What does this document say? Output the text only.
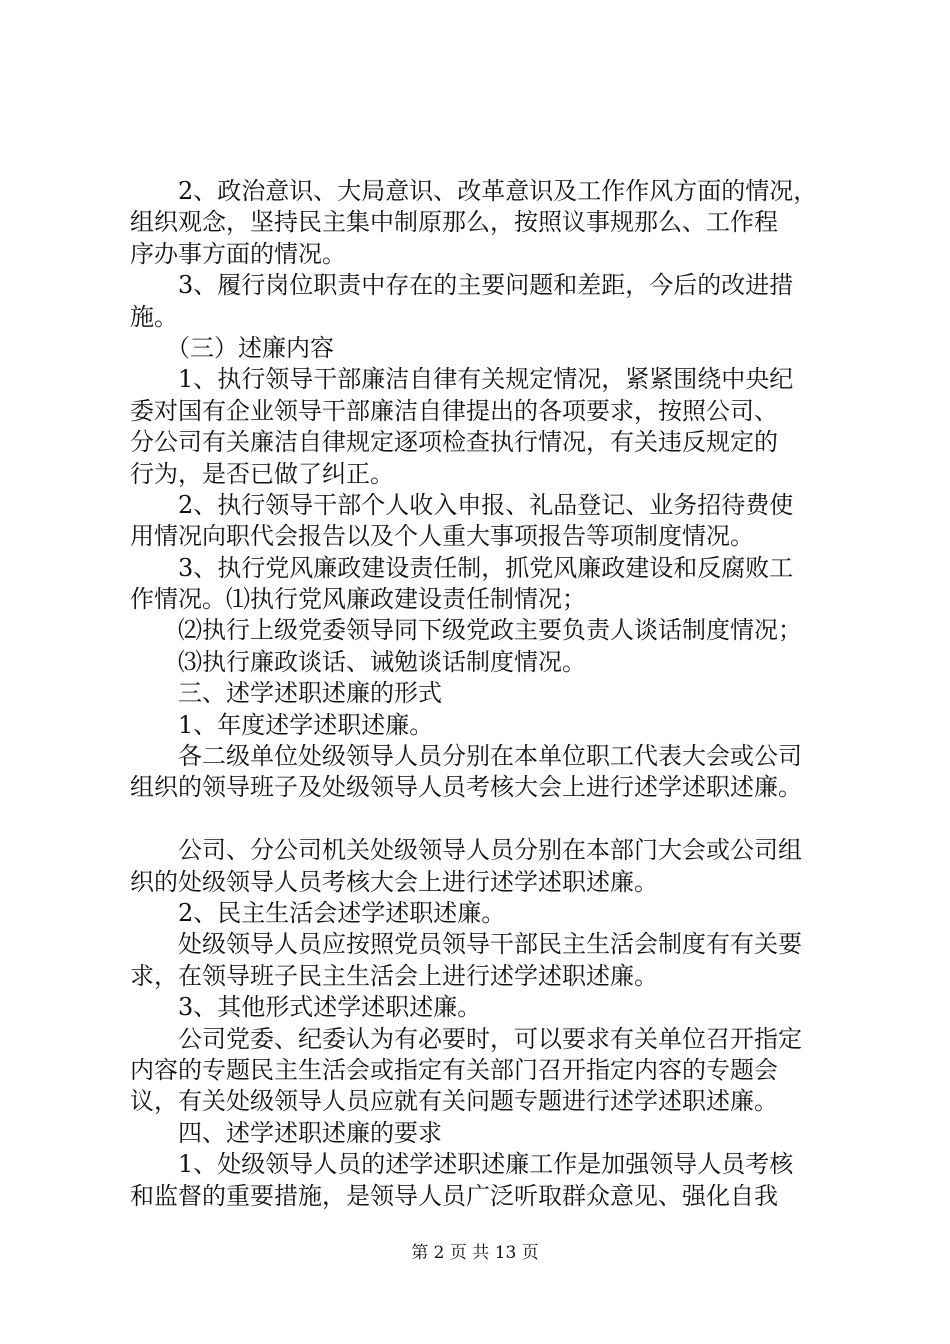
　　2、政治意识、大局意识、改革意识及工作作风方面的情况，
组织观念，坚持民主集中制原那么，按照议事规那么、工作程
序办事方面的情况。
　　3、履行岗位职责中存在的主要问题和差距，今后的改进措
施。
　　（三）述廉内容
　　1、执行领导干部廉洁自律有关规定情况，紧紧围绕中央纪
委对国有企业领导干部廉洁自律提出的各项要求，按照公司、
分公司有关廉洁自律规定逐项检查执行情况，有关违反规定的
行为，是否已做了纠正。
　　2、执行领导干部个人收入申报、礼品登记、业务招待费使
用情况向职代会报告以及个人重大事项报告等项制度情况。
　　3、执行党风廉政建设责任制，抓党风廉政建设和反腐败工
作情况。⑴执行党风廉政建设责任制情况；
　　⑵执行上级党委领导同下级党政主要负责人谈话制度情况；
　　⑶执行廉政谈话、诫勉谈话制度情况。
　　三、述学述职述廉的形式
　　1、年度述学述职述廉。
　　各二级单位处级领导人员分别在本单位职工代表大会或公司
组织的领导班子及处级领导人员考核大会上进行述学述职述廉。
　　公司、分公司机关处级领导人员分别在本部门大会或公司组
织的处级领导人员考核大会上进行述学述职述廉。
　　2、民主生活会述学述职述廉。
　　处级领导人员应按照党员领导干部民主生活会制度有有关要
求，在领导班子民主生活会上进行述学述职述廉。
　　3、其他形式述学述职述廉。
　　公司党委、纪委认为有必要时，可以要求有关单位召开指定
内容的专题民主生活会或指定有关部门召开指定内容的专题会
议，有关处级领导人员应就有关问题专题进行述学述职述廉。
　　四、述学述职述廉的要求
　　1、处级领导人员的述学述职述廉工作是加强领导人员考核
和监督的重要措施，是领导人员广泛听取群众意见、强化自我
第 2 页 共 13 页
